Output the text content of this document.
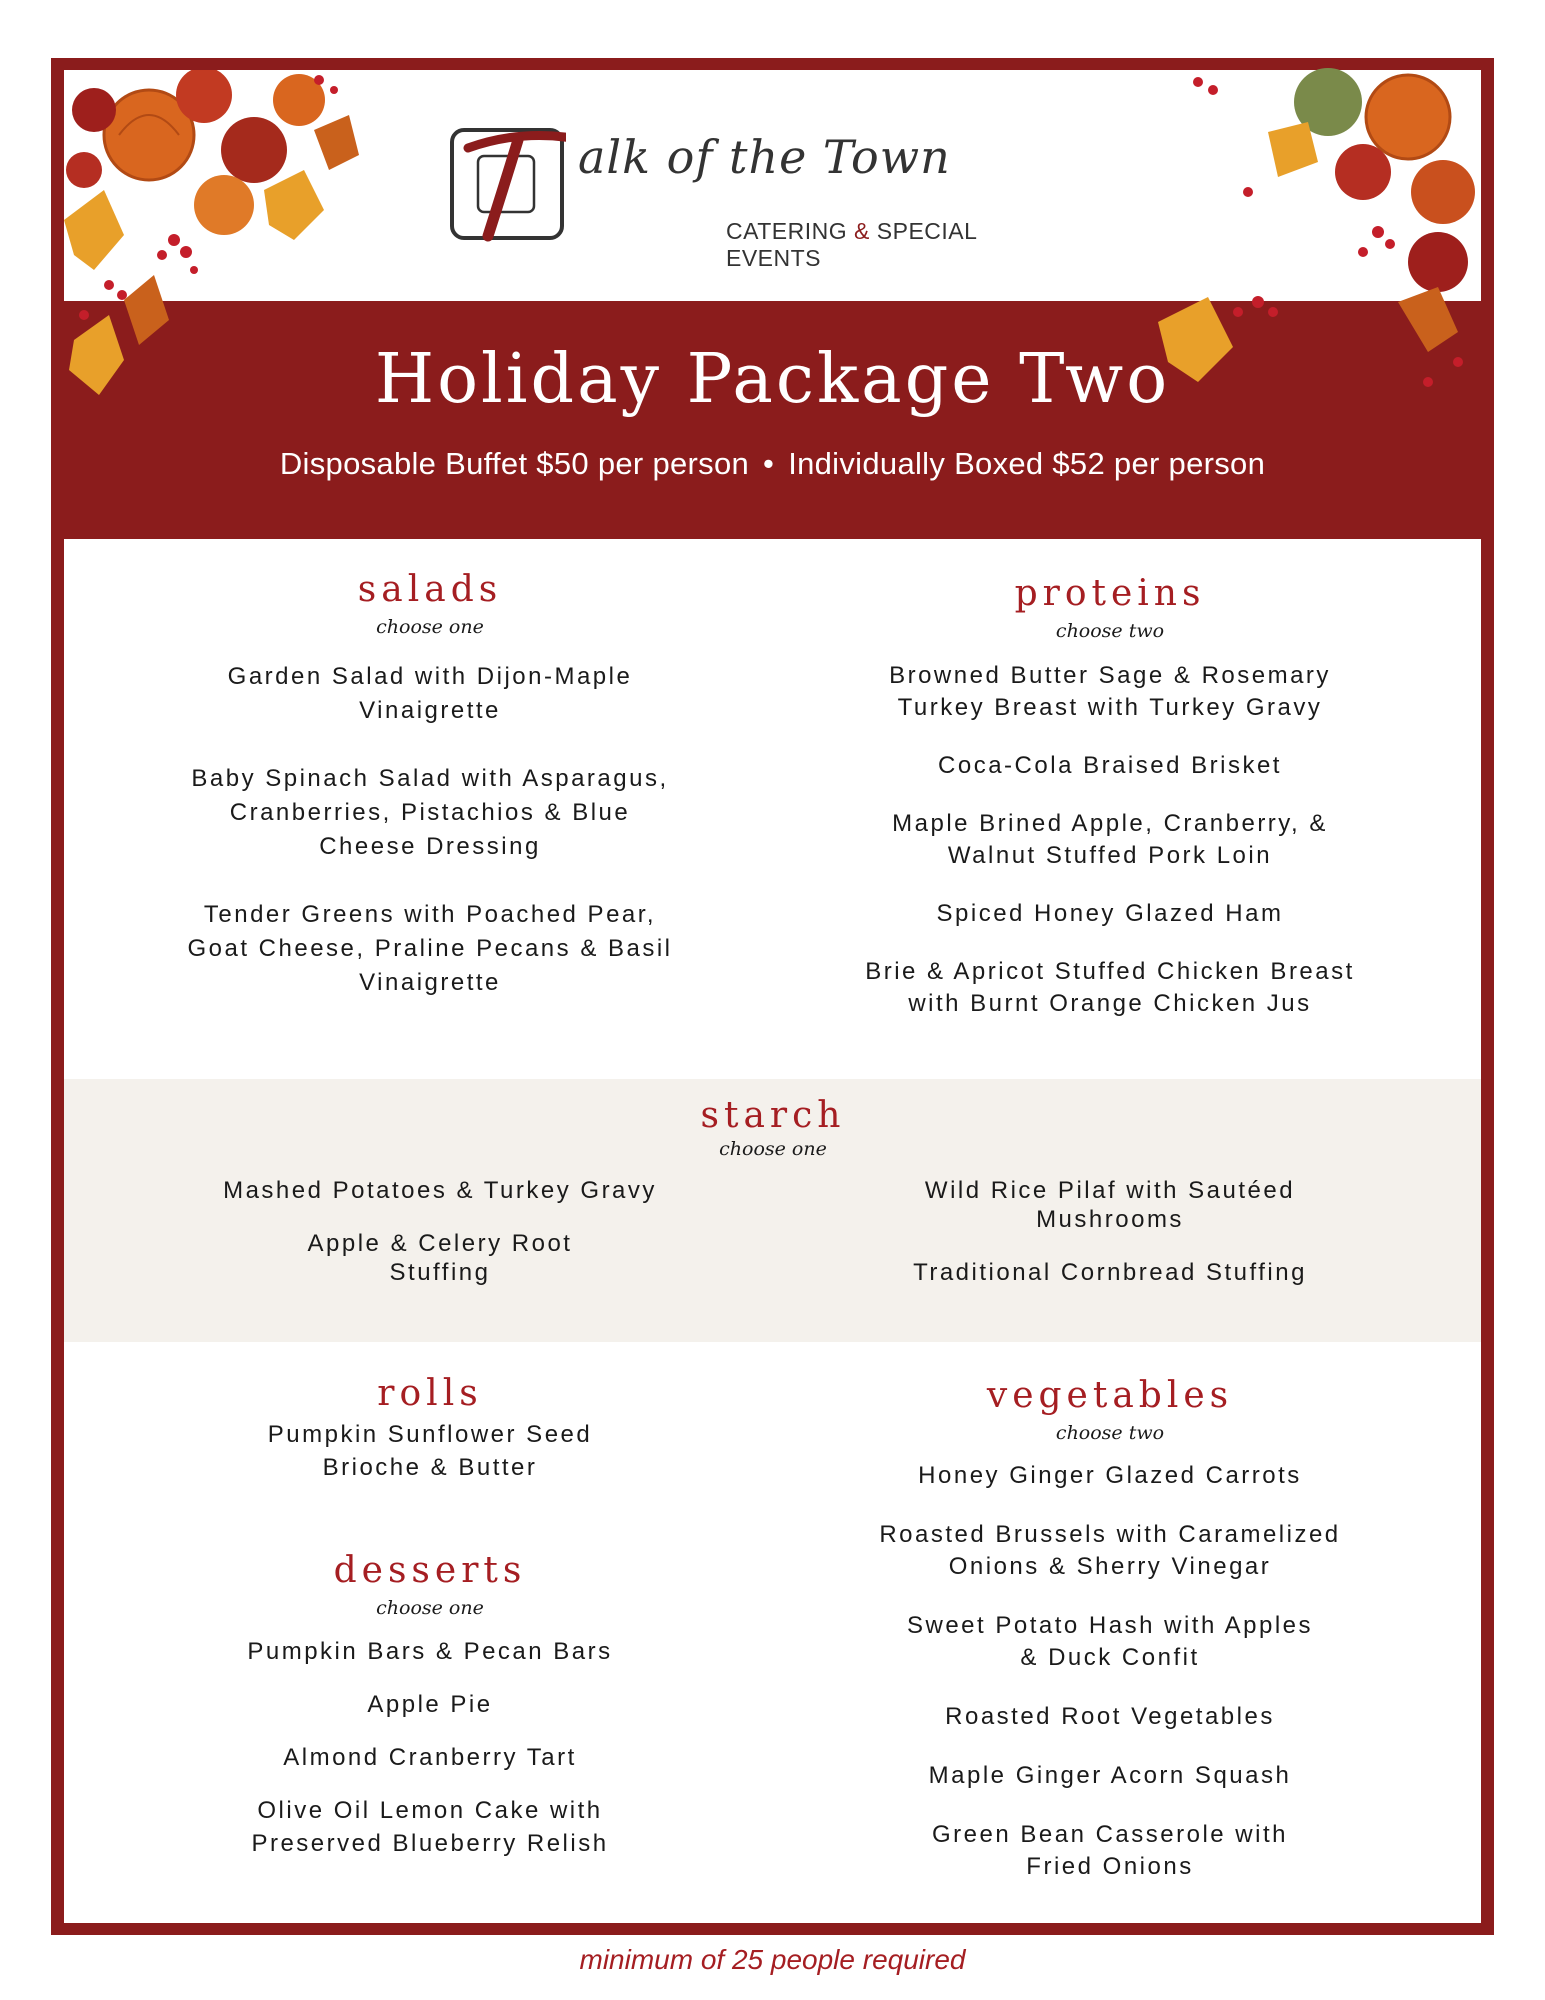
alk of the Town
CATERING & SPECIAL EVENTS
Holiday Package Two
Disposable Buffet $50 per person • Individually Boxed $52 per person
salads
choose one
Garden Salad with Dijon-Maple
Vinaigrette
Baby Spinach Salad with Asparagus,
Cranberries, Pistachios & Blue
Cheese Dressing
Tender Greens with Poached Pear,
Goat Cheese, Praline Pecans & Basil
Vinaigrette
proteins
choose two
Browned Butter Sage & Rosemary
Turkey Breast with Turkey Gravy
Coca-Cola Braised Brisket
Maple Brined Apple, Cranberry, &
Walnut Stuffed Pork Loin
Spiced Honey Glazed Ham
Brie & Apricot Stuffed Chicken Breast
with Burnt Orange Chicken Jus
starch
choose one
Mashed Potatoes & Turkey Gravy
Apple & Celery Root
Stuffing
Wild Rice Pilaf with Sautéed
Mushrooms
Traditional Cornbread Stuffing
rolls
Pumpkin Sunflower Seed
Brioche & Butter
desserts
choose one
Pumpkin Bars & Pecan Bars
Apple Pie
Almond Cranberry Tart
Olive Oil Lemon Cake with
Preserved Blueberry Relish
vegetables
choose two
Honey Ginger Glazed Carrots
Roasted Brussels with Caramelized
Onions & Sherry Vinegar
Sweet Potato Hash with Apples
& Duck Confit
Roasted Root Vegetables
Maple Ginger Acorn Squash
Green Bean Casserole with
Fried Onions
minimum of 25 people required
